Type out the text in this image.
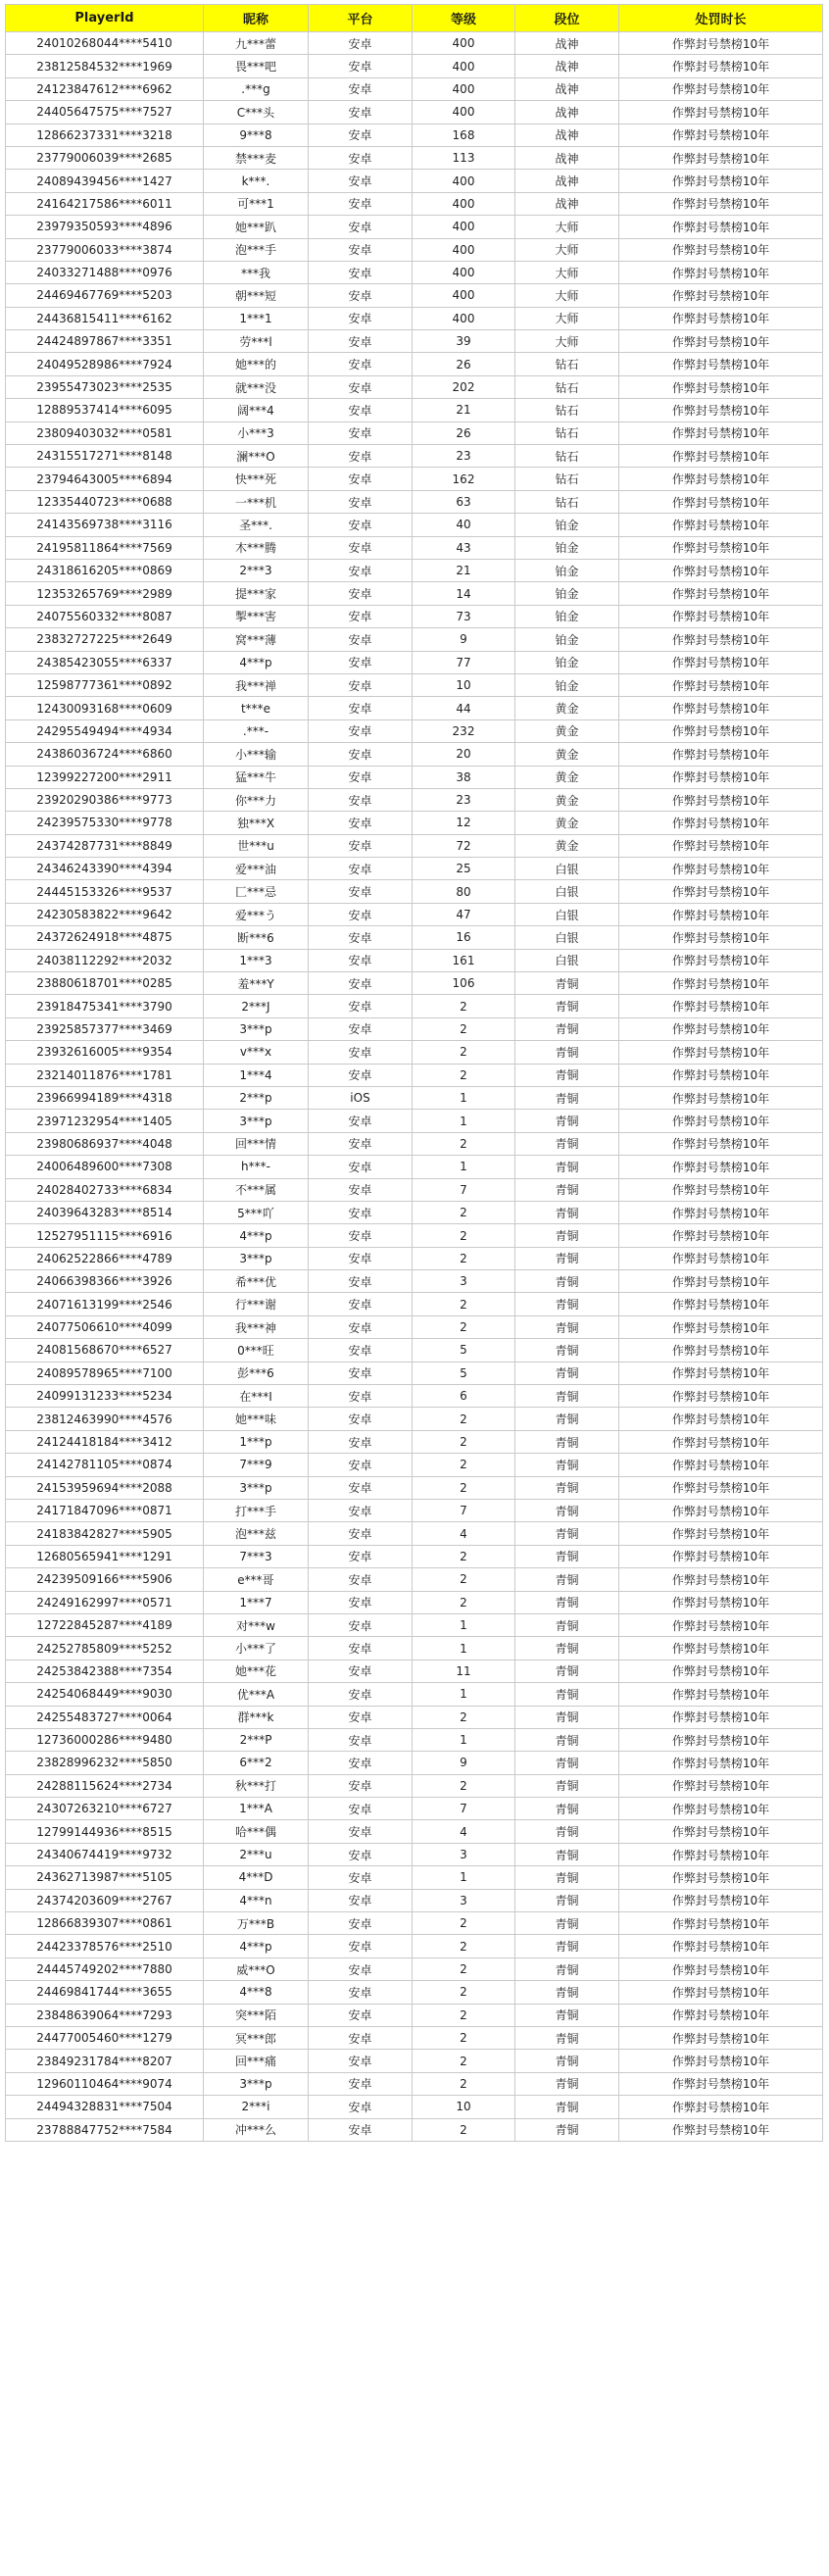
PlayerId	昵称	平台	等级	段位	处罚时长
24010268044****5410	九***蕾	安卓	400	战神	作弊封号禁榜10年
23812584532****1969	畏***吧	安卓	400	战神	作弊封号禁榜10年
24123847612****6962	.***g	安卓	400	战神	作弊封号禁榜10年
24405647575****7527	C***头	安卓	400	战神	作弊封号禁榜10年
12866237331****3218	9***8	安卓	168	战神	作弊封号禁榜10年
23779006039****2685	禁***麦	安卓	113	战神	作弊封号禁榜10年
24089439456****1427	k***.	安卓	400	战神	作弊封号禁榜10年
24164217586****6011	可***1	安卓	400	战神	作弊封号禁榜10年
23979350593****4896	她***趴	安卓	400	大师	作弊封号禁榜10年
23779006033****3874	泡***手	安卓	400	大师	作弊封号禁榜10年
24033271488****0976	***我	安卓	400	大师	作弊封号禁榜10年
24469467769****5203	朝***短	安卓	400	大师	作弊封号禁榜10年
24436815411****6162	1***1	安卓	400	大师	作弊封号禁榜10年
24424897867****3351	劳***l	安卓	39	大师	作弊封号禁榜10年
24049528986****7924	她***的	安卓	26	钻石	作弊封号禁榜10年
23955473023****2535	就***没	安卓	202	钻石	作弊封号禁榜10年
12889537414****6095	阔***4	安卓	21	钻石	作弊封号禁榜10年
23809403032****0581	小***3	安卓	26	钻石	作弊封号禁榜10年
24315517271****8148	澜***O	安卓	23	钻石	作弊封号禁榜10年
23794643005****6894	快***死	安卓	162	钻石	作弊封号禁榜10年
12335440723****0688	一***机	安卓	63	钻石	作弊封号禁榜10年
24143569738****3116	圣***.	安卓	40	铂金	作弊封号禁榜10年
24195811864****7569	木***腾	安卓	43	铂金	作弊封号禁榜10年
24318616205****0869	2***3	安卓	21	铂金	作弊封号禁榜10年
12353265769****2989	提***家	安卓	14	铂金	作弊封号禁榜10年
24075560332****8087	掣***害	安卓	73	铂金	作弊封号禁榜10年
23832727225****2649	窝***薄	安卓	9	铂金	作弊封号禁榜10年
24385423055****6337	4***p	安卓	77	铂金	作弊封号禁榜10年
12598777361****0892	我***禅	安卓	10	铂金	作弊封号禁榜10年
12430093168****0609	t***e	安卓	44	黄金	作弊封号禁榜10年
24295549494****4934	.***-	安卓	232	黄金	作弊封号禁榜10年
24386036724****6860	小***输	安卓	20	黄金	作弊封号禁榜10年
12399227200****2911	猛***牛	安卓	38	黄金	作弊封号禁榜10年
23920290386****9773	你***力	安卓	23	黄金	作弊封号禁榜10年
24239575330****9778	独***X	安卓	12	黄金	作弊封号禁榜10年
24374287731****8849	世***u	安卓	72	黄金	作弊封号禁榜10年
24346243390****4394	爱***油	安卓	25	白银	作弊封号禁榜10年
24445153326****9537	匚***忌	安卓	80	白银	作弊封号禁榜10年
24230583822****9642	爱***う	安卓	47	白银	作弊封号禁榜10年
24372624918****4875	断***6	安卓	16	白银	作弊封号禁榜10年
24038112292****2032	1***3	安卓	161	白银	作弊封号禁榜10年
23880618701****0285	羞***Y	安卓	106	青铜	作弊封号禁榜10年
23918475341****3790	2***J	安卓	2	青铜	作弊封号禁榜10年
23925857377****3469	3***p	安卓	2	青铜	作弊封号禁榜10年
23932616005****9354	v***x	安卓	2	青铜	作弊封号禁榜10年
23214011876****1781	1***4	安卓	2	青铜	作弊封号禁榜10年
23966994189****4318	2***p	iOS	1	青铜	作弊封号禁榜10年
23971232954****1405	3***p	安卓	1	青铜	作弊封号禁榜10年
23980686937****4048	回***情	安卓	2	青铜	作弊封号禁榜10年
24006489600****7308	h***-	安卓	1	青铜	作弊封号禁榜10年
24028402733****6834	不***属	安卓	7	青铜	作弊封号禁榜10年
24039643283****8514	5***吖	安卓	2	青铜	作弊封号禁榜10年
12527951115****6916	4***p	安卓	2	青铜	作弊封号禁榜10年
24062522866****4789	3***p	安卓	2	青铜	作弊封号禁榜10年
24066398366****3926	希***优	安卓	3	青铜	作弊封号禁榜10年
24071613199****2546	行***谢	安卓	2	青铜	作弊封号禁榜10年
24077506610****4099	我***神	安卓	2	青铜	作弊封号禁榜10年
24081568670****6527	0***旺	安卓	5	青铜	作弊封号禁榜10年
24089578965****7100	彭***6	安卓	5	青铜	作弊封号禁榜10年
24099131233****5234	在***I	安卓	6	青铜	作弊封号禁榜10年
23812463990****4576	她***味	安卓	2	青铜	作弊封号禁榜10年
24124418184****3412	1***p	安卓	2	青铜	作弊封号禁榜10年
24142781105****0874	7***9	安卓	2	青铜	作弊封号禁榜10年
24153959694****2088	3***p	安卓	2	青铜	作弊封号禁榜10年
24171847096****0871	打***手	安卓	7	青铜	作弊封号禁榜10年
24183842827****5905	泡***兹	安卓	4	青铜	作弊封号禁榜10年
12680565941****1291	7***3	安卓	2	青铜	作弊封号禁榜10年
24239509166****5906	e***哥	安卓	2	青铜	作弊封号禁榜10年
24249162997****0571	1***7	安卓	2	青铜	作弊封号禁榜10年
12722845287****4189	对***w	安卓	1	青铜	作弊封号禁榜10年
24252785809****5252	小***了	安卓	1	青铜	作弊封号禁榜10年
24253842388****7354	她***花	安卓	11	青铜	作弊封号禁榜10年
24254068449****9030	优***A	安卓	1	青铜	作弊封号禁榜10年
24255483727****0064	群***k	安卓	2	青铜	作弊封号禁榜10年
12736000286****9480	2***P	安卓	1	青铜	作弊封号禁榜10年
23828996232****5850	6***2	安卓	9	青铜	作弊封号禁榜10年
24288115624****2734	秋***打	安卓	2	青铜	作弊封号禁榜10年
24307263210****6727	1***A	安卓	7	青铜	作弊封号禁榜10年
12799144936****8515	哈***偶	安卓	4	青铜	作弊封号禁榜10年
24340674419****9732	2***u	安卓	3	青铜	作弊封号禁榜10年
24362713987****5105	4***D	安卓	1	青铜	作弊封号禁榜10年
24374203609****2767	4***n	安卓	3	青铜	作弊封号禁榜10年
12866839307****0861	万***B	安卓	2	青铜	作弊封号禁榜10年
24423378576****2510	4***p	安卓	2	青铜	作弊封号禁榜10年
24445749202****7880	威***O	安卓	2	青铜	作弊封号禁榜10年
24469841744****3655	4***8	安卓	2	青铜	作弊封号禁榜10年
23848639064****7293	突***陌	安卓	2	青铜	作弊封号禁榜10年
24477005460****1279	冥***郎	安卓	2	青铜	作弊封号禁榜10年
23849231784****8207	回***痛	安卓	2	青铜	作弊封号禁榜10年
12960110464****9074	3***p	安卓	2	青铜	作弊封号禁榜10年
24494328831****7504	2***i	安卓	10	青铜	作弊封号禁榜10年
23788847752****7584	冲***么	安卓	2	青铜	作弊封号禁榜10年
